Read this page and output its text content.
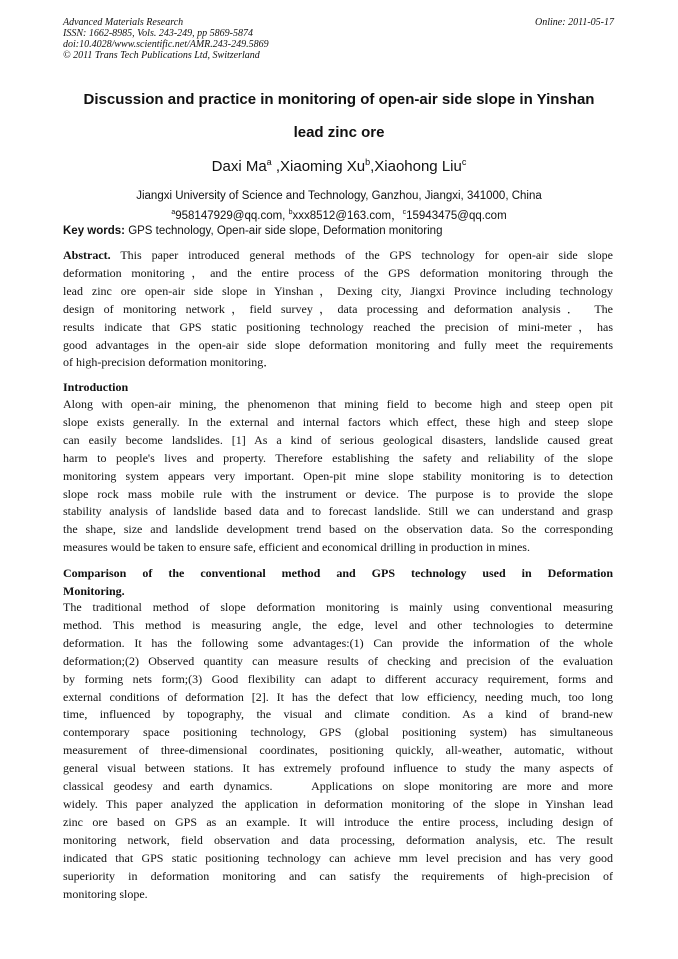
Advanced Materials Research
ISSN: 1662-8985, Vols. 243-249, pp 5869-5874
doi:10.4028/www.scientific.net/AMR.243-249.5869
© 2011 Trans Tech Publications Ltd, Switzerland
Online: 2011-05-17
Discussion and practice in monitoring of open-air side slope in Yinshan
lead zinc ore
Daxi Ma$^a$ ,Xiaoming Xu$^b$,Xiaohong Liu$^c$
Jiangxi University of Science and Technology, Ganzhou, Jiangxi, 341000, China
$^a$958147929@qq.com, $^b$xxx8512@163.com，$^c$15943475@qq.com
Key words: GPS technology, Open-air side slope, Deformation monitoring
Abstract. This paper introduced general methods of the GPS technology for open-air side slope
deformation monitoring，and the entire process of the GPS deformation monitoring through the
lead zinc ore open-air side slope in Yinshan，Dexing city, Jiangxi Province including technology
design of monitoring network，field survey，data processing and deformation analysis． The
results indicate that GPS static positioning technology reached the precision of mini-meter，has
good advantages in the open-air side slope deformation monitoring and fully meet the requirements
of high-precision deformation monitoring．
Introduction
Along with open-air mining, the phenomenon that mining field to become high and steep open pit
slope exists generally. In the external and internal factors which effect, these high and steep slope
can easily become landslides. [1] As a kind of serious geological disasters, landslide caused great
harm to people's lives and property. Therefore establishing the safety and reliability of the slope
monitoring system appears very important. Open-pit mine slope stability monitoring is to detection
slope rock mass mobile rule with the instrument or device. The purpose is to provide the slope
stability analysis of landslide based data and to forecast landslide. Still we can understand and grasp
the shape, size and landslide development trend based on the observation data. So the corresponding
measures would be taken to ensure safe, efficient and economical drilling in production in mines.
Comparison of the conventional method and GPS technology used in Deformation
Monitoring.
The traditional method of slope deformation monitoring is mainly using conventional measuring
method. This method is measuring angle, the edge, level and other technologies to determine
deformation. It has the following some advantages:(1) Can provide the information of the whole
deformation;(2) Observed quantity can measure results of checking and precision of the evaluation
by forming nets form;(3) Good flexibility can adapt to different accuracy requirement, forms and
external conditions of deformation [2]. It has the defect that low efficiency, needing much, too long
time, influenced by topography, the visual and climate condition. As a kind of brand-new
contemporary space positioning technology, GPS (global positioning system) has simultaneous
measurement of three-dimensional coordinates, positioning quickly, all-weather, automatic, without
general visual between stations. It has extremely profound influence to study the many aspects of
classical geodesy and earth dynamics.    Applications on slope monitoring are more and more
widely. This paper analyzed the application in deformation monitoring of the slope in Yinshan lead
zinc ore based on GPS as an example. It will introduce the entire process, including design of
monitoring network, field observation and data processing, deformation analysis, etc. The result
indicated that GPS static positioning technology can achieve mm level precision and has very good
superiority in deformation monitoring and can satisfy the requirements of high-precision of
monitoring slope.
